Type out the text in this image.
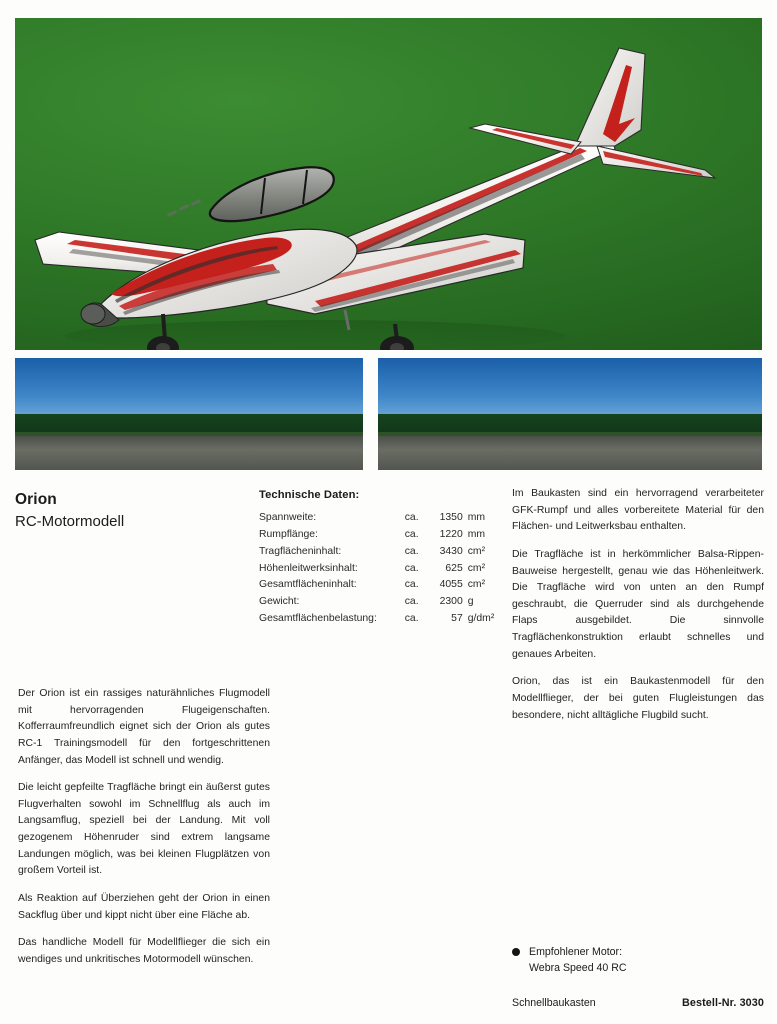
Orion
RC-Motormodell
Technische Daten:
Spannweite:	ca.	1350	mm
Rumpflänge:	ca.	1220	mm
Tragflächeninhalt:	ca.	3430	cm²
Höhenleitwerksinhalt:	ca.	625	cm²
Gesamtflächeninhalt:	ca.	4055	cm²
Gewicht:	ca.	2300	g
Gesamtflächenbelastung:	ca.	57	g/dm²

Im Baukasten sind ein hervorragend verarbeiteter GFK-Rumpf und alles vorbereitete Material für den Flächen- und Leitwerksbau enthalten.

Die Tragfläche ist in herkömmlicher Balsa-Rippen-Bauweise hergestellt, genau wie das Höhenleitwerk. Die Tragfläche wird von unten an den Rumpf geschraubt, die Querruder sind als durchgehende Flaps ausgebildet. Die sinnvolle Tragflächenkonstruktion erlaubt schnelles und genaues Arbeiten.

Orion, das ist ein Baukastenmodell für den Modellflieger, der bei guten Flugleistungen das besondere, nicht alltägliche Flugbild sucht.

Der Orion ist ein rassiges naturähnliches Flugmodell mit hervorragenden Flugeigenschaften. Kofferraumfreundlich eignet sich der Orion als gutes RC-1 Trainingsmodell für den fortgeschrittenen Anfänger, das Modell ist schnell und wendig.

Die leicht gepfeilte Tragfläche bringt ein äußerst gutes Flugverhalten sowohl im Schnellflug als auch im Langsamflug, speziell bei der Landung. Mit voll gezogenem Höhenruder sind extrem langsame Landungen möglich, was bei kleinen Flugplätzen von großem Vorteil ist.

Als Reaktion auf Überziehen geht der Orion in einen Sackflug über und kippt nicht über eine Fläche ab.

Das handliche Modell für Modellflieger die sich ein wendiges und unkritisches Motormodell wünschen.

Empfohlener Motor:
Webra Speed 40 RC
Schnellbaukasten	Bestell-Nr. 3030
